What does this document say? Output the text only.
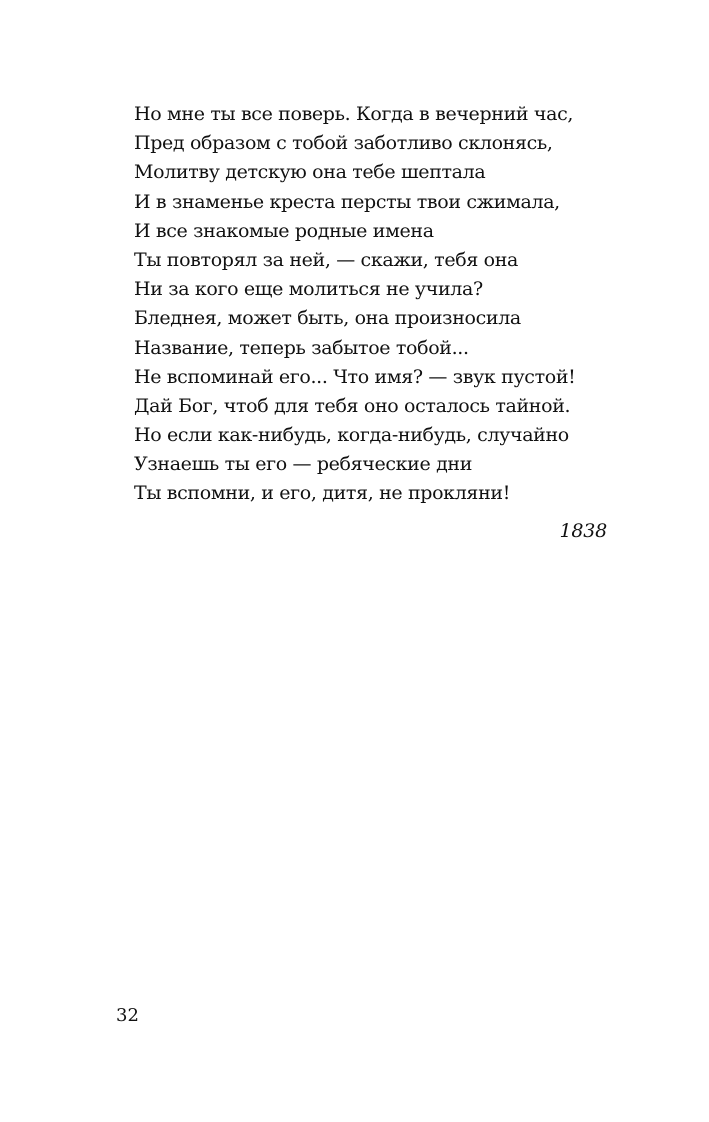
Но мне ты все поверь. Когда в вечерний час,
Пред образом с тобой заботливо склонясь,
Молитву детскую она тебе шептала
И в знаменье креста персты твои сжимала,
И все знакомые родные имена
Ты повторял за ней, — скажи, тебя она
Ни за кого еще молиться не учила?
Бледнея, может быть, она произносила
Название, теперь забытое тобой...
Не вспоминай его... Что имя? — звук пустой!
Дай Бог, чтоб для тебя оно осталось тайной.
Но если как-нибудь, когда-нибудь, случайно
Узнаешь ты его — ребяческие дни
Ты вспомни, и его, дитя, не прокляни!
1838
32
